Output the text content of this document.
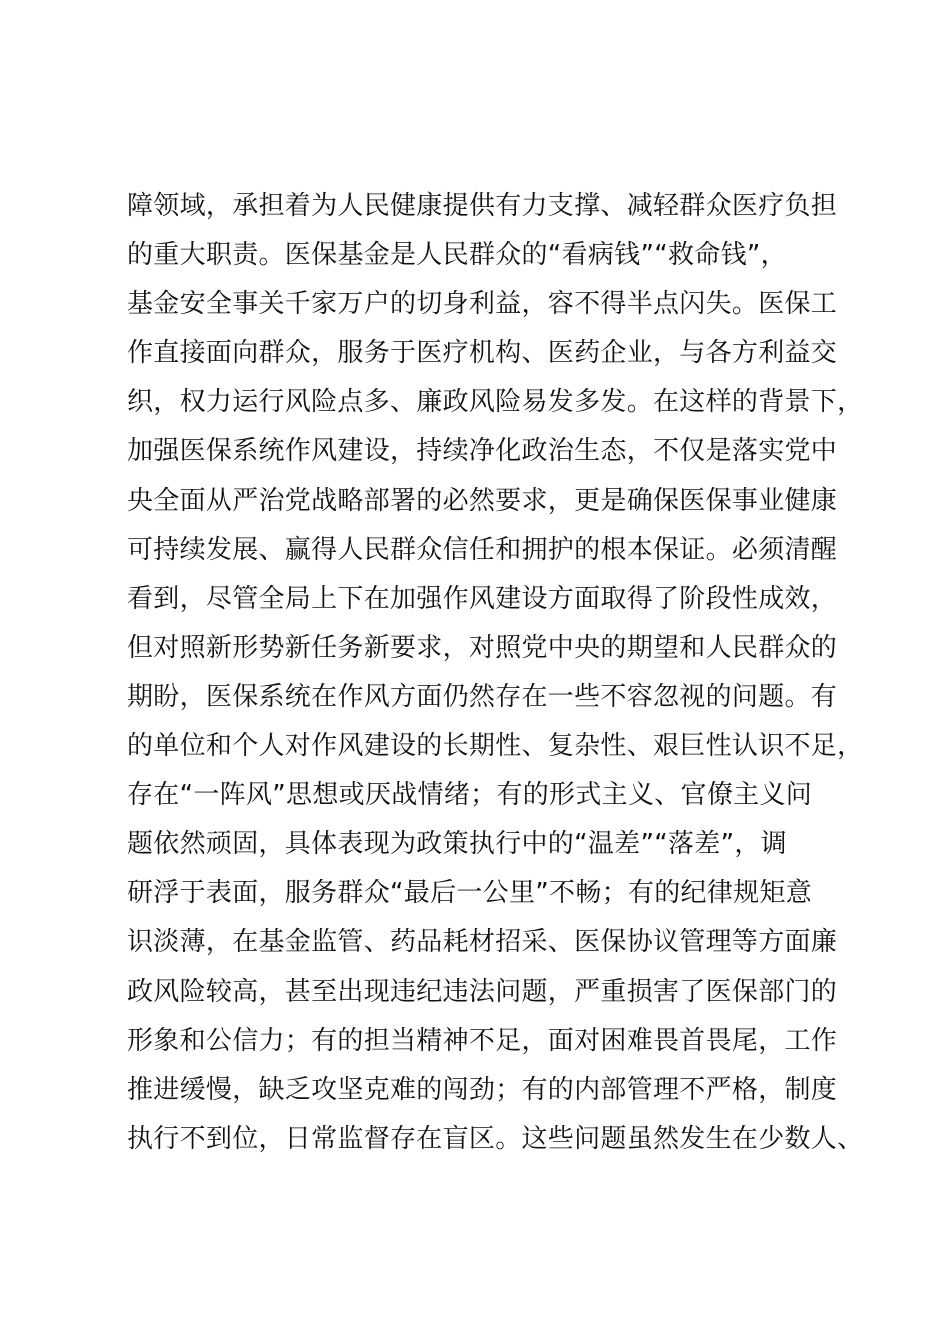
障领域，承担着为人民健康提供有力支撑、减轻群众医疗负担
的重大职责。医保基金是人民群众的“看病钱”“救命钱”，
基金安全事关千家万户的切身利益，容不得半点闪失。医保工
作直接面向群众，服务于医疗机构、医药企业，与各方利益交
织，权力运行风险点多、廉政风险易发多发。在这样的背景下，
加强医保系统作风建设，持续净化政治生态，不仅是落实党中
央全面从严治党战略部署的必然要求，更是确保医保事业健康
可持续发展、赢得人民群众信任和拥护的根本保证。必须清醒
看到，尽管全局上下在加强作风建设方面取得了阶段性成效，
但对照新形势新任务新要求，对照党中央的期望和人民群众的
期盼，医保系统在作风方面仍然存在一些不容忽视的问题。有
的单位和个人对作风建设的长期性、复杂性、艰巨性认识不足，
存在“一阵风”思想或厌战情绪；有的形式主义、官僚主义问
题依然顽固，具体表现为政策执行中的“温差”“落差”，调
研浮于表面，服务群众“最后一公里”不畅；有的纪律规矩意
识淡薄，在基金监管、药品耗材招采、医保协议管理等方面廉
政风险较高，甚至出现违纪违法问题，严重损害了医保部门的
形象和公信力；有的担当精神不足，面对困难畏首畏尾，工作
推进缓慢，缺乏攻坚克难的闯劲；有的内部管理不严格，制度
执行不到位，日常监督存在盲区。这些问题虽然发生在少数人、
